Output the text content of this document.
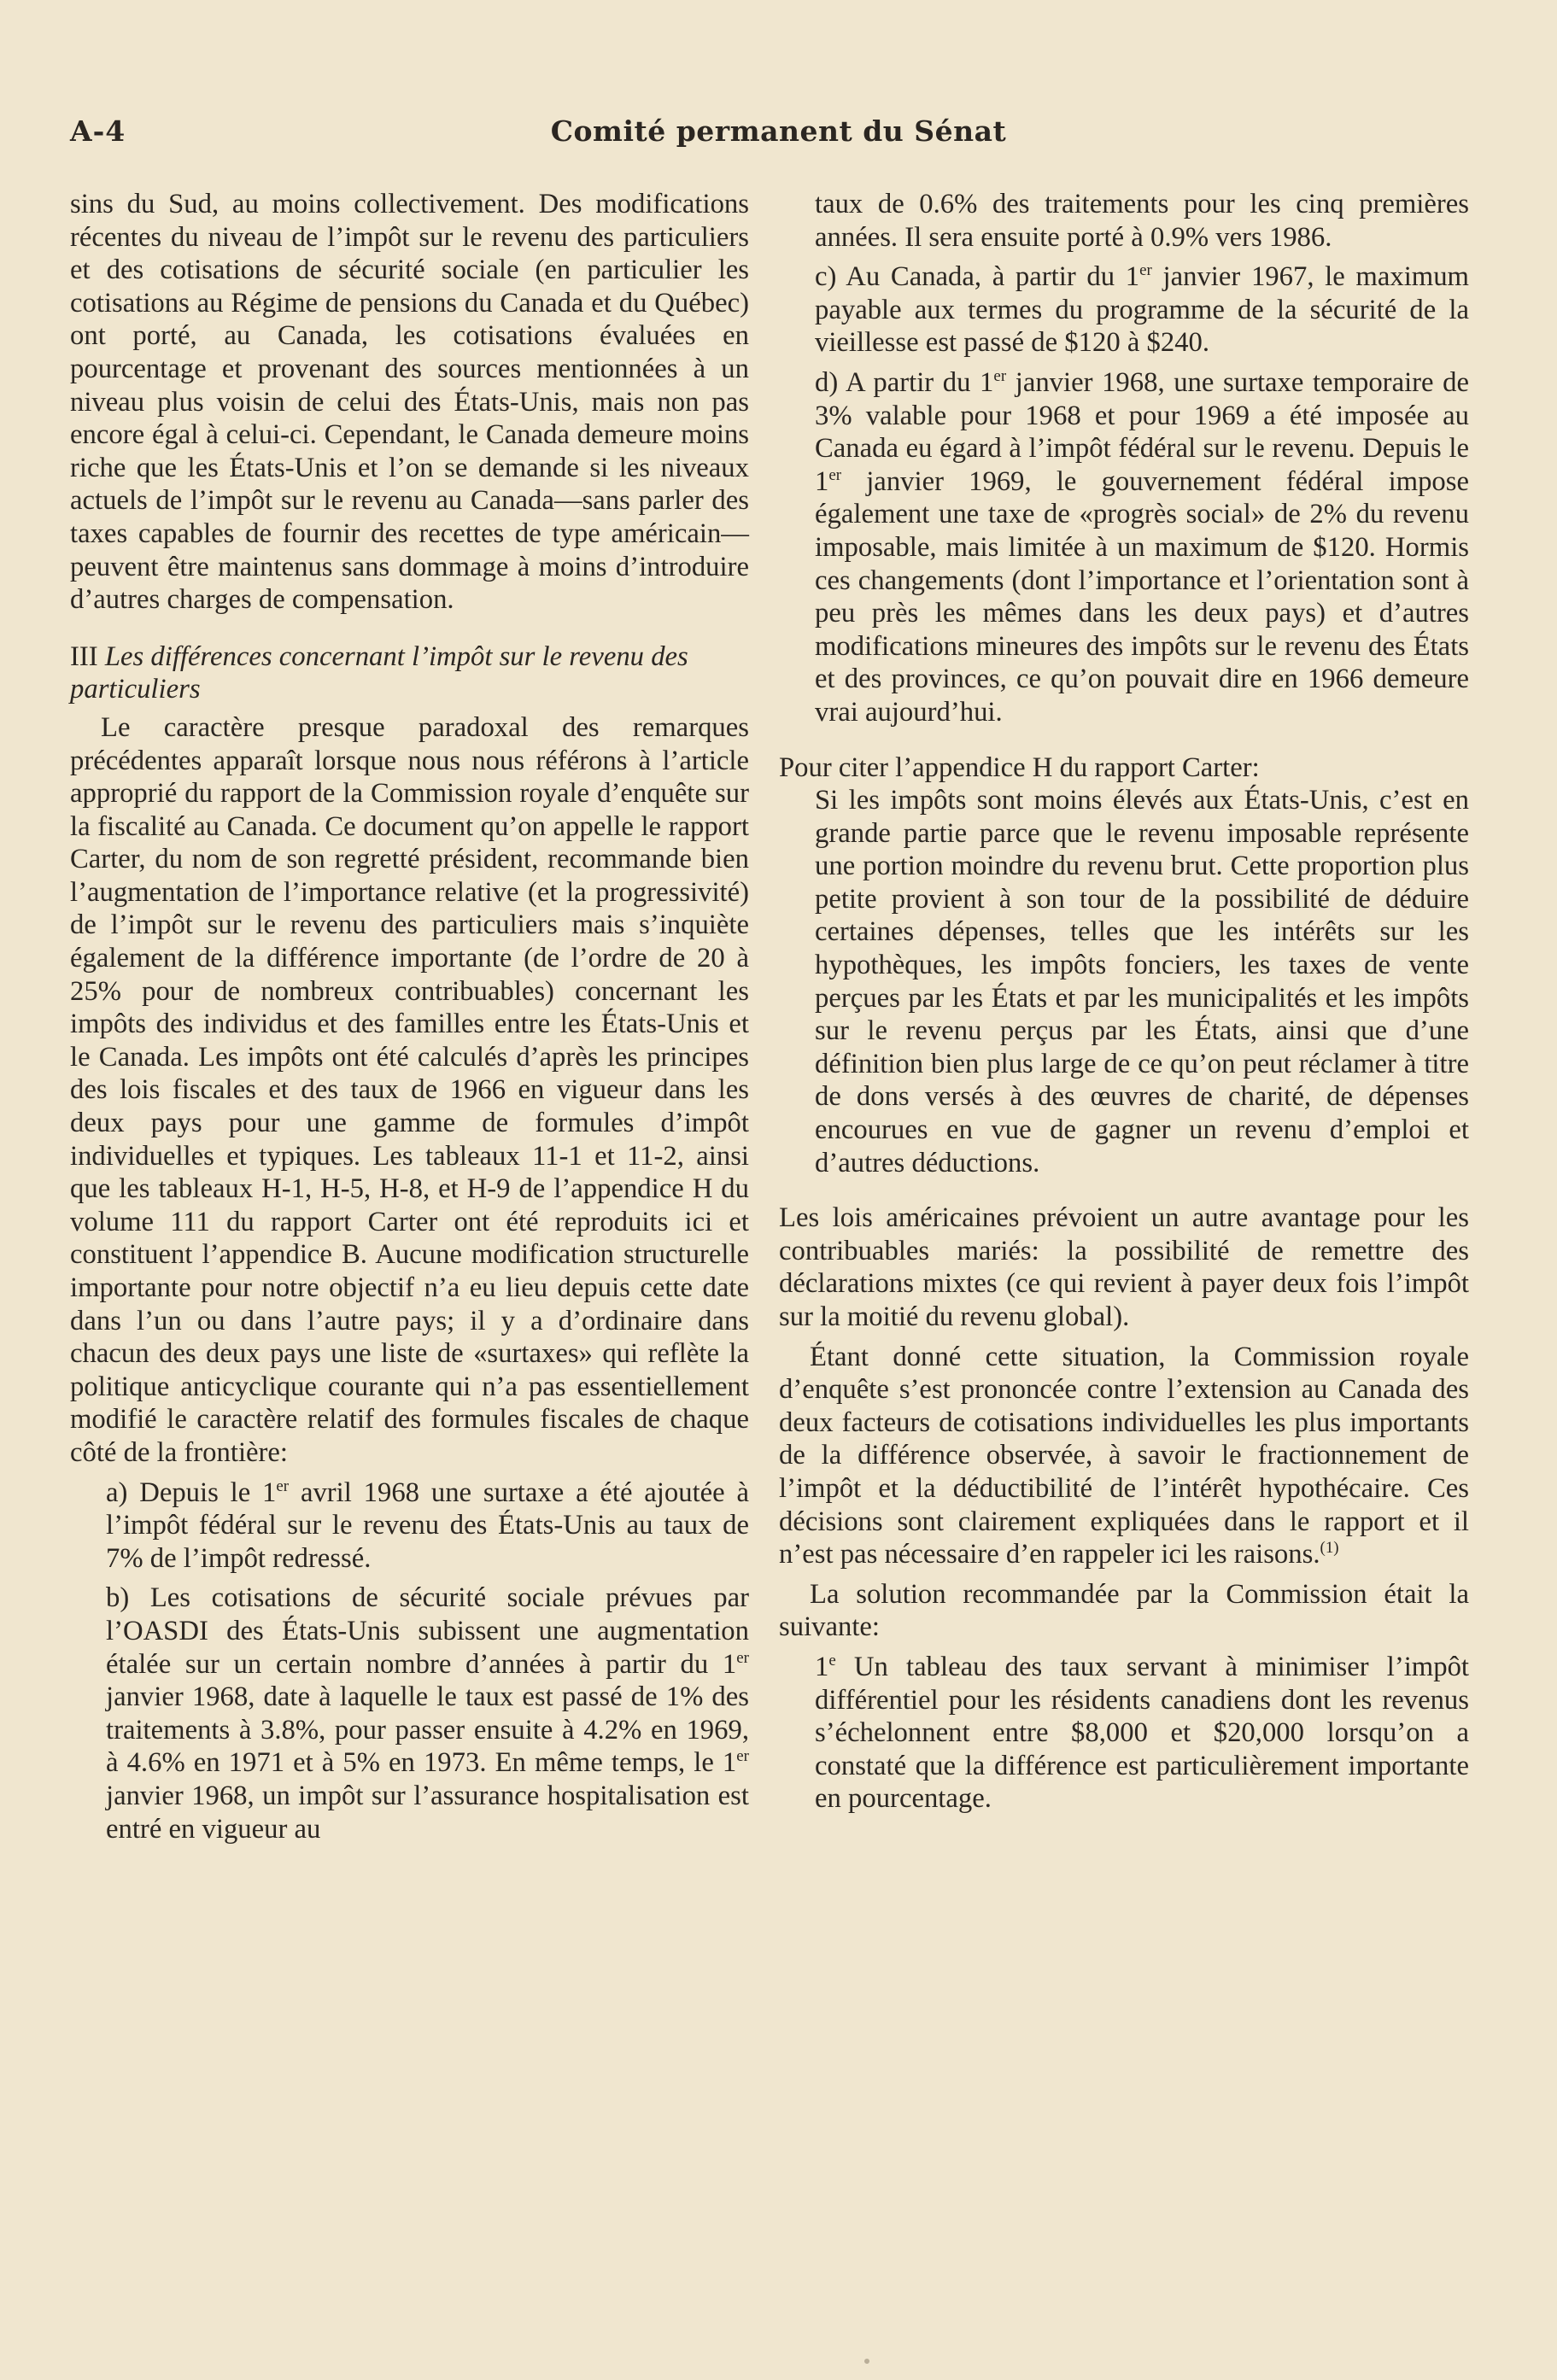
A-4	Comité permanent du Sénat

sins du Sud, au moins collectivement. Des modifications récentes du niveau de l’impôt sur le revenu des particuliers et des cotisations de sécurité sociale (en particulier les cotisations au Régime de pensions du Canada et du Québec) ont porté, au Canada, les cotisations évaluées en pourcentage et provenant des sources mentionnées à un niveau plus voisin de celui des États-Unis, mais non pas encore égal à celui-ci. Cependant, le Canada demeure moins riche que les États-Unis et l’on se demande si les niveaux actuels de l’impôt sur le revenu au Canada—sans parler des taxes capables de fournir des recettes de type américain—peuvent être maintenus sans dommage à moins d’introduire d’autres charges de compensation.

III Les différences concernant l’impôt sur le revenu des particuliers

Le caractère presque paradoxal des remarques précédentes apparaît lorsque nous nous référons à l’article approprié du rapport de la Commission royale d’enquête sur la fiscalité au Canada. Ce document qu’on appelle le rapport Carter, du nom de son regretté président, recommande bien l’augmentation de l’importance relative (et la progressivité) de l’impôt sur le revenu des particuliers mais s’inquiète également de la différence importante (de l’ordre de 20 à 25% pour de nombreux contribuables) concernant les impôts des individus et des familles entre les États-Unis et le Canada. Les impôts ont été calculés d’après les principes des lois fiscales et des taux de 1966 en vigueur dans les deux pays pour une gamme de formules d’impôt individuelles et typiques. Les tableaux 11-1 et 11-2, ainsi que les tableaux H-1, H-5, H-8, et H-9 de l’appendice H du volume 111 du rapport Carter ont été reproduits ici et constituent l’appendice B. Aucune modification structurelle importante pour notre objectif n’a eu lieu depuis cette date dans l’un ou dans l’autre pays; il y a d’ordinaire dans chacun des deux pays une liste de «surtaxes» qui reflète la politique anticyclique courante qui n’a pas essentiellement modifié le caractère relatif des formules fiscales de chaque côté de la frontière:

a) Depuis le 1er avril 1968 une surtaxe a été ajoutée à l’impôt fédéral sur le revenu des États-Unis au taux de 7% de l’impôt redressé.

b) Les cotisations de sécurité sociale prévues par l’OASDI des États-Unis subissent une augmentation étalée sur un certain nombre d’années à partir du 1er janvier 1968, date à laquelle le taux est passé de 1% des traitements à 3.8%, pour passer ensuite à 4.2% en 1969, à 4.6% en 1971 et à 5% en 1973. En même temps, le 1er janvier 1968, un impôt sur l’assurance hospitalisation est entré en vigueur au

taux de 0.6% des traitements pour les cinq premières années. Il sera ensuite porté à 0.9% vers 1986.

c) Au Canada, à partir du 1er janvier 1967, le maximum payable aux termes du programme de la sécurité de la vieillesse est passé de $120 à $240.

d) A partir du 1er janvier 1968, une surtaxe temporaire de 3% valable pour 1968 et pour 1969 a été imposée au Canada eu égard à l’impôt fédéral sur le revenu. Depuis le 1er janvier 1969, le gouvernement fédéral impose également une taxe de «progrès social» de 2% du revenu imposable, mais limitée à un maximum de $120. Hormis ces changements (dont l’importance et l’orientation sont à peu près les mêmes dans les deux pays) et d’autres modifications mineures des impôts sur le revenu des États et des provinces, ce qu’on pouvait dire en 1966 demeure vrai aujourd’hui.

Pour citer l’appendice H du rapport Carter:

Si les impôts sont moins élevés aux États-Unis, c’est en grande partie parce que le revenu imposable représente une portion moindre du revenu brut. Cette proportion plus petite provient à son tour de la possibilité de déduire certaines dépenses, telles que les intérêts sur les hypothèques, les impôts fonciers, les taxes de vente perçues par les États et par les municipalités et les impôts sur le revenu perçus par les États, ainsi que d’une définition bien plus large de ce qu’on peut réclamer à titre de dons versés à des œuvres de charité, de dépenses encourues en vue de gagner un revenu d’emploi et d’autres déductions.

Les lois américaines prévoient un autre avantage pour les contribuables mariés: la possibilité de remettre des déclarations mixtes (ce qui revient à payer deux fois l’impôt sur la moitié du revenu global).

Étant donné cette situation, la Commission royale d’enquête s’est prononcée contre l’extension au Canada des deux facteurs de cotisations individuelles les plus importants de la différence observée, à savoir le fractionnement de l’impôt et la déductibilité de l’intérêt hypothécaire. Ces décisions sont clairement expliquées dans le rapport et il n’est pas nécessaire d’en rappeler ici les raisons.$^{(1)}$

La solution recommandée par la Commission était la suivante:

1e Un tableau des taux servant à minimiser l’impôt différentiel pour les résidents canadiens dont les revenus s’échelonnent entre $8,000 et $20,000 lorsqu’on a constaté que la différence est particulièrement importante en pourcentage.
